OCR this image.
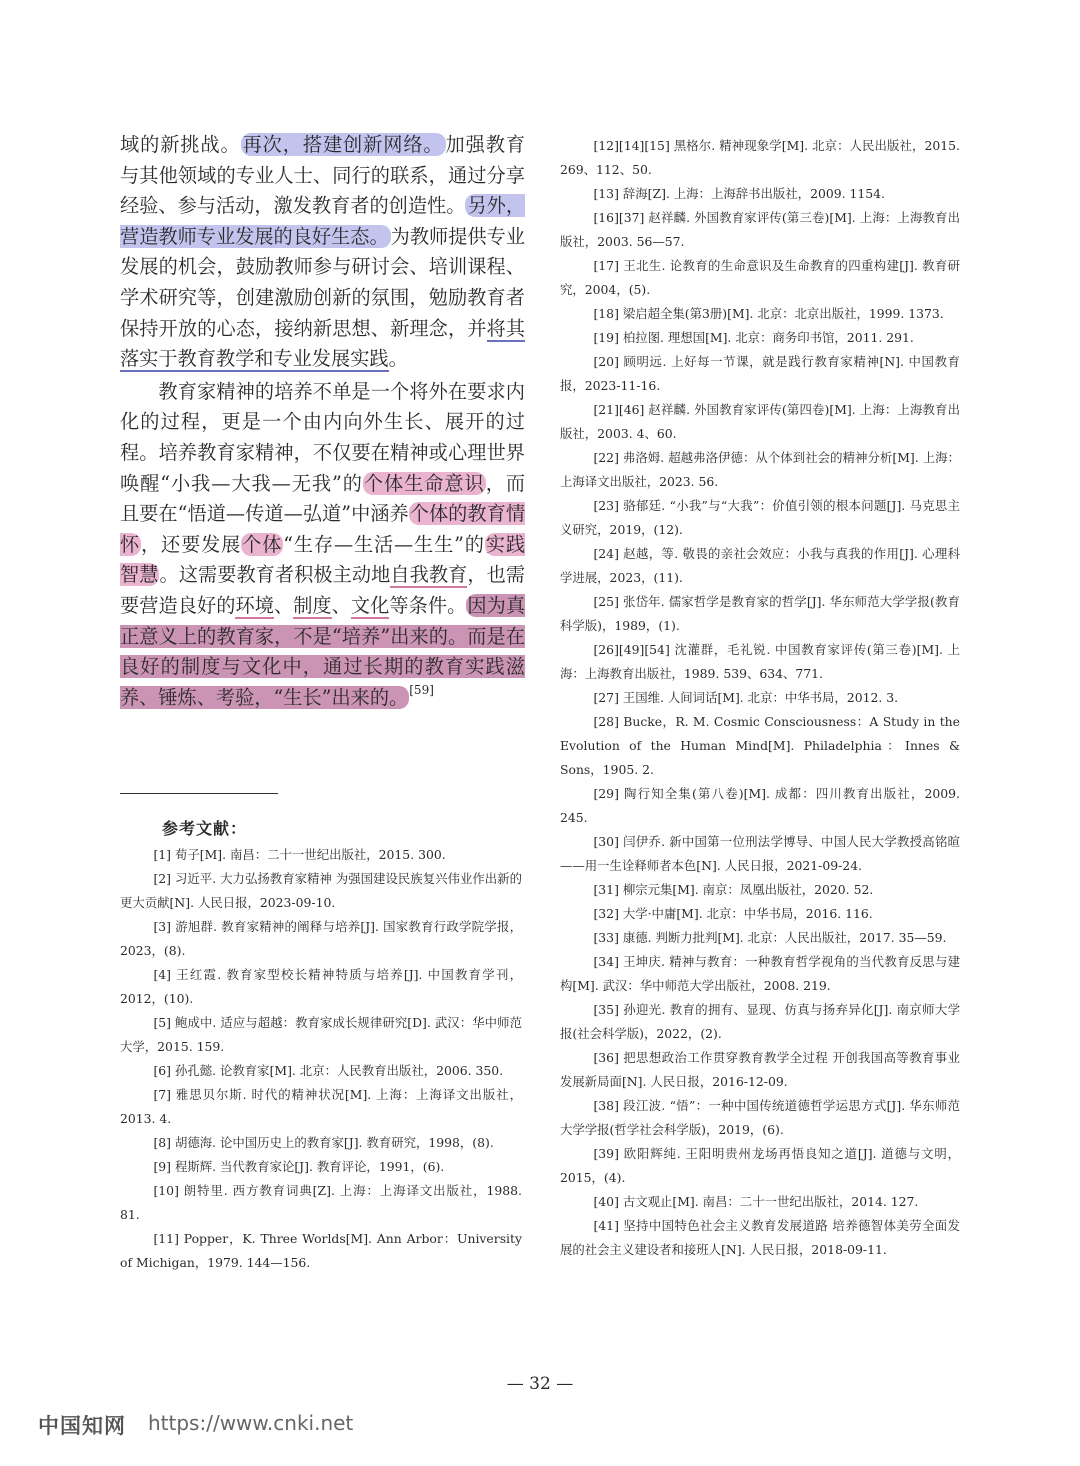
域的新挑战。 再次，搭建创新网络。 加强教育与其他领域的专业人士、同行的联系，通过分享经验、参与活动，激发教育者的创造性。 另外，营造教师专业发展的良好生态。 为教师提供专业发展的机会，鼓励教师参与研讨会、培训课程、学术研究等，创建激励创新的氛围，勉励教育者保持开放的心态，接纳新思想、新理念，并将其落实于教育教学和专业发展实践。

教育家精神的培养不单是一个将外在要求内化的过程，更是一个由内向外生长、展开的过程。培养教育家精神，不仅要在精神或心理世界唤醒“小我—大我—无我”的个体生命意识，而且要在“悟道—传道—弘道”中涵养个体的教育情怀，还要发展个体“生存—生活—生生”的实践智慧。这需要教育者积极主动地自我教育，也需要营造良好的环境、制度、文化等条件。因为真正意义上的教育家，不是“培养”出来的。而是在良好的制度与文化中，通过长期的教育实践滋养、锤炼、考验，“生长”出来的。[59]

参考文献：

[1] 荀子[M]. 南昌：二十一世纪出版社，2015. 300.

[2] 习近平. 大力弘扬教育家精神 为强国建设民族复兴伟业作出新的更大贡献[N]. 人民日报，2023-09-10.

[3] 游旭群. 教育家精神的阐释与培养[J]. 国家教育行政学院学报，2023，(8).

[4] 王红霞. 教育家型校长精神特质与培养[J]. 中国教育学刊，2012，(10).

[5] 鲍成中. 适应与超越：教育家成长规律研究[D]. 武汉：华中师范大学，2015. 159.

[6] 孙孔懿. 论教育家[M]. 北京：人民教育出版社，2006. 350.

[7] 雅思贝尔斯. 时代的精神状况[M]. 上海：上海译文出版社，2013. 4.

[8] 胡德海. 论中国历史上的教育家[J]. 教育研究，1998，(8).

[9] 程斯辉. 当代教育家论[J]. 教育评论，1991，(6).

[10] 朗特里. 西方教育词典[Z]. 上海：上海译文出版社，1988. 81.

[11] Popper，K. Three Worlds[M]. Ann Arbor：University of Michigan，1979. 144—156.

[12][14][15] 黑格尔. 精神现象学[M]. 北京：人民出版社，2015. 269、112、50.

[13] 辞海[Z]. 上海：上海辞书出版社，2009. 1154.

[16][37] 赵祥麟. 外国教育家评传(第三卷)[M]. 上海：上海教育出版社，2003. 56—57.

[17] 王北生. 论教育的生命意识及生命教育的四重构建[J]. 教育研究，2004，(5).

[18] 梁启超全集(第3册)[M]. 北京：北京出版社，1999. 1373.

[19] 柏拉图. 理想国[M]. 北京：商务印书馆，2011. 291.

[20] 顾明远. 上好每一节课，就是践行教育家精神[N]. 中国教育报，2023-11-16.

[21][46] 赵祥麟. 外国教育家评传(第四卷)[M]. 上海：上海教育出版社，2003. 4、60.

[22] 弗洛姆. 超越弗洛伊德：从个体到社会的精神分析[M]. 上海：上海译文出版社，2023. 56.

[23] 骆郁廷. “小我”与“大我”：价值引领的根本问题[J]. 马克思主义研究，2019，(12).

[24] 赵越，等. 敬畏的亲社会效应：小我与真我的作用[J]. 心理科学进展，2023，(11).

[25] 张岱年. 儒家哲学是教育家的哲学[J]. 华东师范大学学报(教育科学版)，1989，(1).

[26][49][54] 沈灌群，毛礼锐. 中国教育家评传(第三卷)[M]. 上海：上海教育出版社，1989. 539、634、771.

[27] 王国维. 人间词话[M]. 北京：中华书局，2012. 3.

[28] Bucke，R. M. Cosmic Consciousness：A Study in the Evolution of the Human Mind[M]. Philadelphia：Innes & Sons，1905. 2.

[29] 陶行知全集(第八卷)[M]. 成都：四川教育出版社，2009. 245.

[30] 闫伊乔. 新中国第一位刑法学博导、中国人民大学教授高铭暄——用一生诠释师者本色[N]. 人民日报，2021-09-24.

[31] 柳宗元集[M]. 南京：凤凰出版社，2020. 52.

[32] 大学·中庸[M]. 北京：中华书局，2016. 116.

[33] 康德. 判断力批判[M]. 北京：人民出版社，2017. 35—59.

[34] 王坤庆. 精神与教育：一种教育哲学视角的当代教育反思与建构[M]. 武汉：华中师范大学出版社，2008. 219.

[35] 孙迎光. 教育的拥有、显现、仿真与扬弃异化[J]. 南京师大学报(社会科学版)，2022，(2).

[36] 把思想政治工作贯穿教育教学全过程 开创我国高等教育事业发展新局面[N]. 人民日报，2016-12-09.

[38] 段江波. “悟”：一种中国传统道德哲学运思方式[J]. 华东师范大学学报(哲学社会科学版)，2019，(6).

[39] 欧阳辉纯. 王阳明贵州龙场再悟良知之道[J]. 道德与文明，2015，(4).

[40] 古文观止[M]. 南昌：二十一世纪出版社，2014. 127.

[41] 坚持中国特色社会主义教育发展道路 培养德智体美劳全面发展的社会主义建设者和接班人[N]. 人民日报，2018-09-11.

— 32 —
中国知网 https://www.cnki.net
